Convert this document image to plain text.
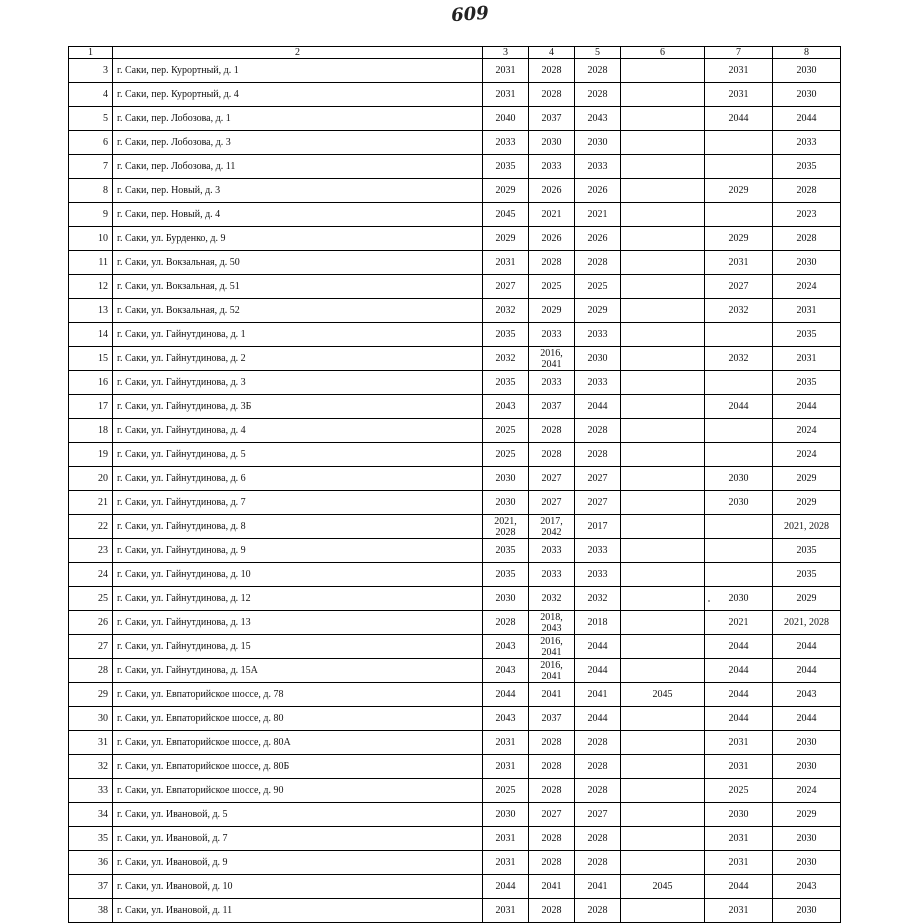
609
1	2	3	4	5	6	7	8
3	г. Саки, пер. Курортный, д. 1	2031	2028	2028		2031	2030
4	г. Саки, пер. Курортный, д. 4	2031	2028	2028		2031	2030
5	г. Саки, пер. Лобозова, д. 1	2040	2037	2043		2044	2044
6	г. Саки, пер. Лобозова, д. 3	2033	2030	2030			2033
7	г. Саки, пер. Лобозова, д. 11	2035	2033	2033			2035
8	г. Саки, пер. Новый, д. 3	2029	2026	2026		2029	2028
9	г. Саки, пер. Новый, д. 4	2045	2021	2021			2023
10	г. Саки, ул. Бурденко, д. 9	2029	2026	2026		2029	2028
11	г. Саки, ул. Вокзальная, д. 50	2031	2028	2028		2031	2030
12	г. Саки, ул. Вокзальная, д. 51	2027	2025	2025		2027	2024
13	г. Саки, ул. Вокзальная, д. 52	2032	2029	2029		2032	2031
14	г. Саки, ул. Гайнутдинова, д. 1	2035	2033	2033			2035
15	г. Саки, ул. Гайнутдинова, д. 2	2032	2016, 2041	2030		2032	2031
16	г. Саки, ул. Гайнутдинова, д. 3	2035	2033	2033			2035
17	г. Саки, ул. Гайнутдинова, д. 3Б	2043	2037	2044		2044	2044
18	г. Саки, ул. Гайнутдинова, д. 4	2025	2028	2028			2024
19	г. Саки, ул. Гайнутдинова, д. 5	2025	2028	2028			2024
20	г. Саки, ул. Гайнутдинова, д. 6	2030	2027	2027		2030	2029
21	г. Саки, ул. Гайнутдинова, д. 7	2030	2027	2027		2030	2029
22	г. Саки, ул. Гайнутдинова, д. 8	2021, 2028	2017, 2042	2017			2021, 2028
23	г. Саки, ул. Гайнутдинова, д. 9	2035	2033	2033			2035
24	г. Саки, ул. Гайнутдинова, д. 10	2035	2033	2033			2035
25	г. Саки, ул. Гайнутдинова, д. 12	2030	2032	2032		2030	2029
26	г. Саки, ул. Гайнутдинова, д. 13	2028	2018, 2043	2018		2021	2021, 2028
27	г. Саки, ул. Гайнутдинова, д. 15	2043	2016, 2041	2044		2044	2044
28	г. Саки, ул. Гайнутдинова, д. 15А	2043	2016, 2041	2044		2044	2044
29	г. Саки, ул. Евпаторийское шоссе, д. 78	2044	2041	2041	2045	2044	2043
30	г. Саки, ул. Евпаторийское шоссе, д. 80	2043	2037	2044		2044	2044
31	г. Саки, ул. Евпаторийское шоссе, д. 80А	2031	2028	2028		2031	2030
32	г. Саки, ул. Евпаторийское шоссе, д. 80Б	2031	2028	2028		2031	2030
33	г. Саки, ул. Евпаторийское шоссе, д. 90	2025	2028	2028		2025	2024
34	г. Саки, ул. Ивановой, д. 5	2030	2027	2027		2030	2029
35	г. Саки, ул. Ивановой, д. 7	2031	2028	2028		2031	2030
36	г. Саки, ул. Ивановой, д. 9	2031	2028	2028		2031	2030
37	г. Саки, ул. Ивановой, д. 10	2044	2041	2041	2045	2044	2043
38	г. Саки, ул. Ивановой, д. 11	2031	2028	2028		2031	2030
